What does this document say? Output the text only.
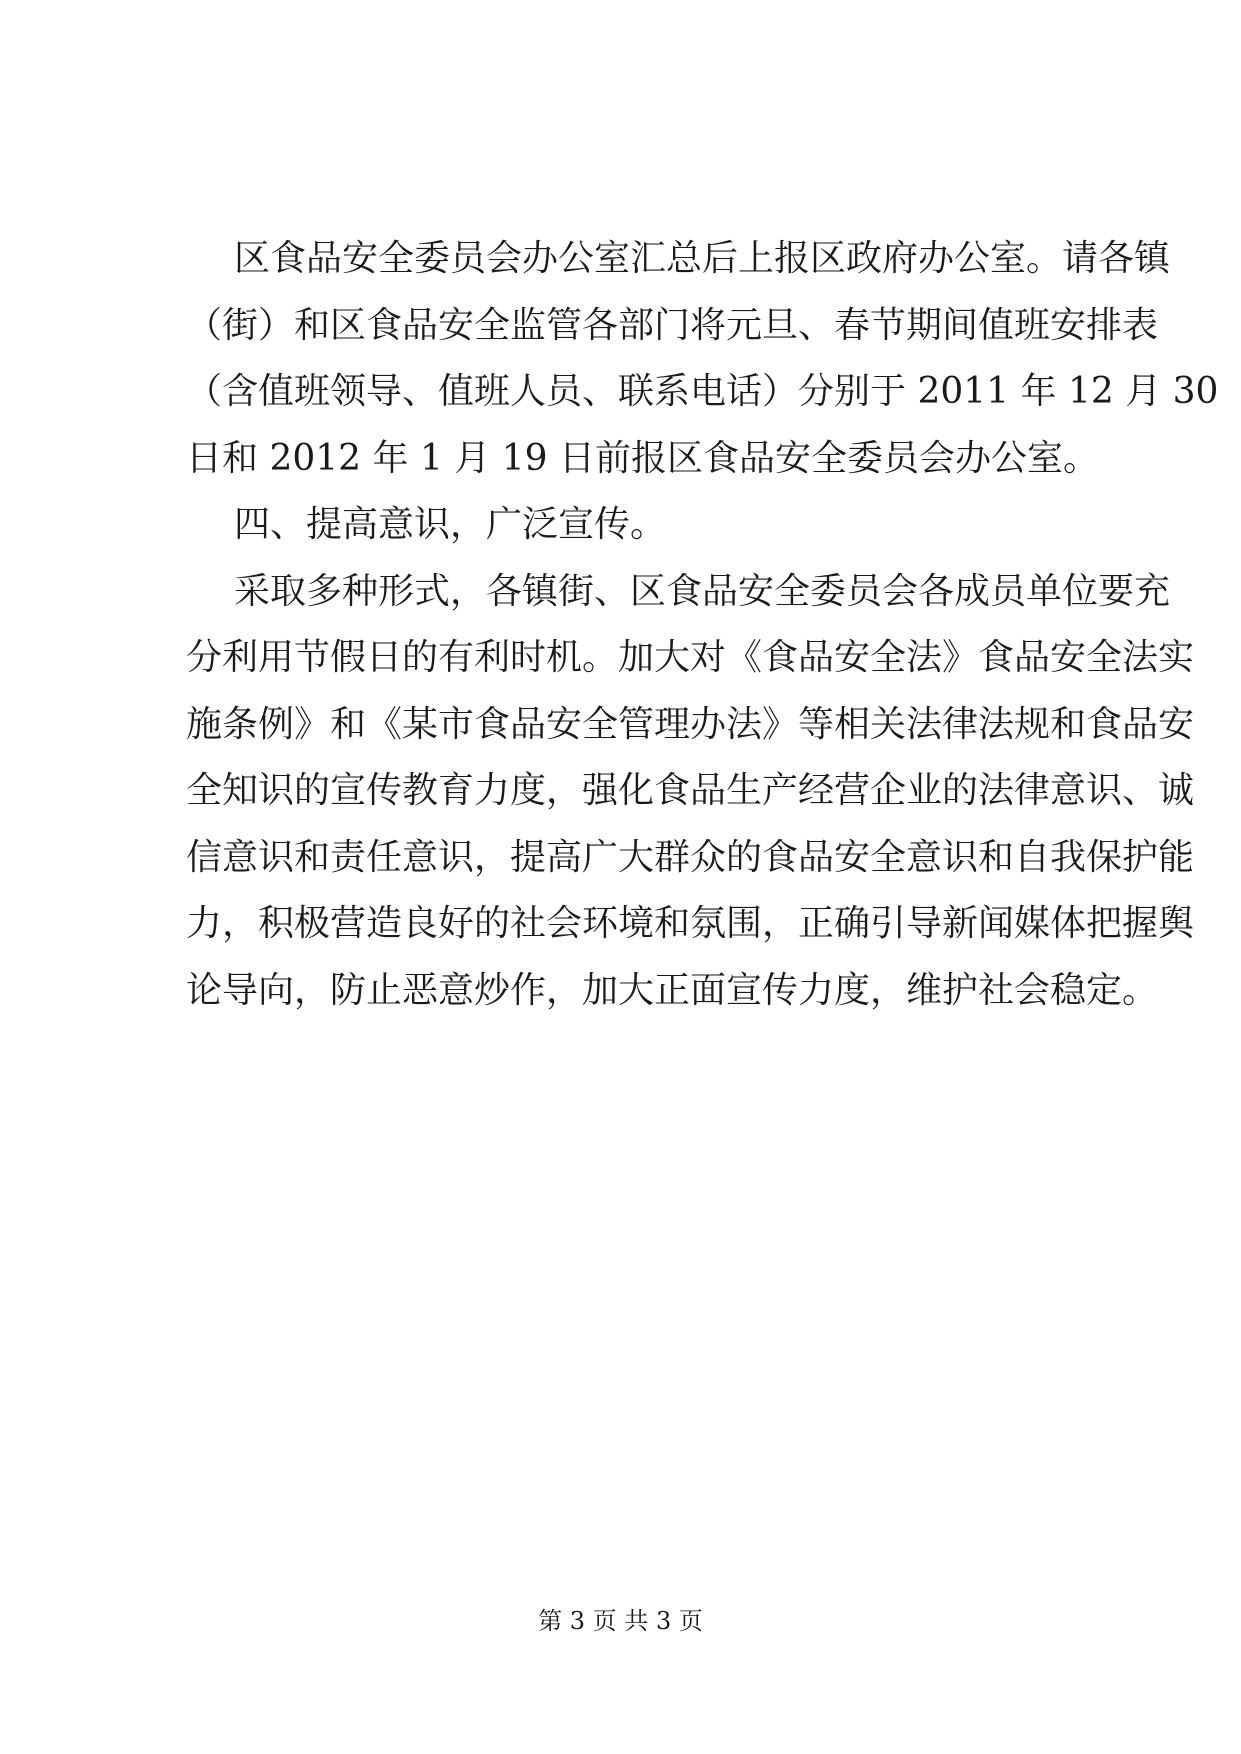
区食品安全委员会办公室汇总后上报区政府办公室。请各镇
（街）和区食品安全监管各部门将元旦、春节期间值班安排表
（含值班领导、值班人员、联系电话）分别于 2011 年 12 月 30
日和 2012 年 1 月 19 日前报区食品安全委员会办公室。
四、提高意识，广泛宣传。
采取多种形式，各镇街、区食品安全委员会各成员单位要充
分利用节假日的有利时机。加大对《食品安全法》食品安全法实
施条例》和《某市食品安全管理办法》等相关法律法规和食品安
全知识的宣传教育力度，强化食品生产经营企业的法律意识、诚
信意识和责任意识，提高广大群众的食品安全意识和自我保护能
力，积极营造良好的社会环境和氛围，正确引导新闻媒体把握舆
论导向，防止恶意炒作，加大正面宣传力度，维护社会稳定。
第 3 页 共 3 页
